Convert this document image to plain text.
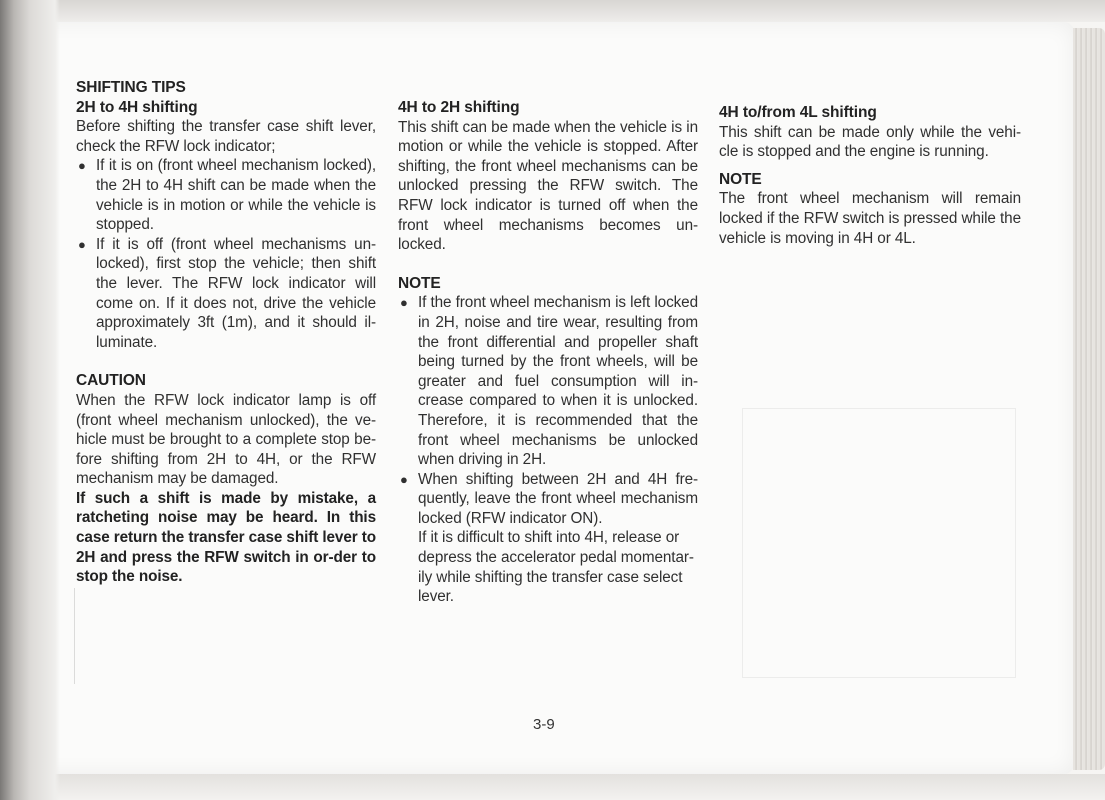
SHIFTING TIPS
2H to 4H shifting

Before shifting the transfer case shift lever, check the RFW lock indicator;

● If it is on (front wheel mechanism locked), the 2H to 4H shift can be made when the vehicle is in motion or while the vehicle is stopped.
● If it is off (front wheel mechanisms un-locked), first stop the vehicle; then shift the lever. The RFW lock indicator will come on. If it does not, drive the vehicle approximately 3ft (1m), and it should il-luminate.
CAUTION

When the RFW lock indicator lamp is off (front wheel mechanism unlocked), the ve-hicle must be brought to a complete stop be-fore shifting from 2H to 4H, or the RFW mechanism may be damaged.

If such a shift is made by mistake, a ratcheting noise may be heard. In this case return the transfer case shift lever to 2H and press the RFW switch in or-der to stop the noise.

4H to 2H shifting

This shift can be made when the vehicle is in motion or while the vehicle is stopped. After shifting, the front wheel mechanisms can be unlocked pressing the RFW switch. The RFW lock indicator is turned off when the front wheel mechanisms becomes un-locked.

NOTE
● If the front wheel mechanism is left locked in 2H, noise and tire wear, resulting from the front differential and propeller shaft being turned by the front wheels, will be greater and fuel consumption will in-crease compared to when it is unlocked. Therefore, it is recommended that the front wheel mechanisms be unlocked when driving in 2H.
● When shifting between 2H and 4H fre-quently, leave the front wheel mechanism locked (RFW indicator ON).

If it is difficult to shift into 4H, release or depress the accelerator pedal momentar-ily while shifting the transfer case select lever.

4H to/from 4L shifting

This shift can be made only while the vehi-cle is stopped and the engine is running.

NOTE

The front wheel mechanism will remain locked if the RFW switch is pressed while the vehicle is moving in 4H or 4L.

3-9
